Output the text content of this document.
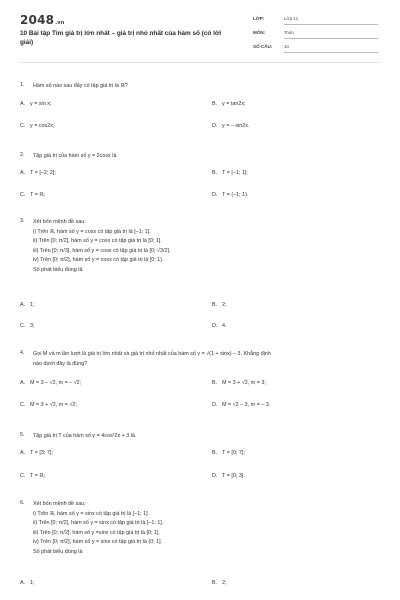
2048.vn
10 Bài tập Tìm giá trị lớn nhất – giá trị nhỏ nhất của hàm số (có lời giải)
LỚP:	Lớp 11
MÔN:	Toán
SỐ CÂU:	10
1.	Hàm số nào sau đây có tập giá trị là ℝ?
A. y = sin x;	B. y = tan2x;
C. y = cos2x;	D. y = – sin2x.
2.	Tập giá trị của hàm số y = 2cosx là
A. T = [–2; 2];	B. T = [–1; 1];
C. T = ℝ;	D. T = (–1; 1).
3.	Xét bốn mệnh đề sau:
i) Trên ℝ, hàm số y = cosx có tập giá trị là [–1; 1].
ii) Trên [0; π/2], hàm số y = cosx có tập giá trị là [0; 1].
iii) Trên [0; π/3], hàm số y = cosx có tập giá trị là [0; √3/2].
iv) Trên [0; π/2], hàm số y = cosx có tập giá trị là [0; 1).
Số phát biểu đúng là
A. 1;	B. 2;
C. 3;	D. 4.
4.	Gọi M và m lần lượt là giá trị lớn nhất và giá trị nhỏ nhất của hàm số y = √(1 + sinx) – 3. Khẳng định
nào dưới đây là đúng?
A. M = 3 – √2, m = – √2;	B. M = 3 + √2, m = 3;
C. M = 3 + √2, m = √2;	D. M = √2 – 3, m = – 3.
5.	Tập giá trị T của hàm số y = 4cos²2x + 3 là
A. T = [3; 7];	B. T = [0; 7];
C. T = ℝ;	D. T = [0; 3].
6.	Xét bốn mệnh đề sau:
i) Trên ℝ, hàm số y = sinx có tập giá trị là [–1; 1].
ii) Trên [0; π/2], hàm số y = sinx có tập giá trị là [–1; 1].
iii) Trên [0; π/2], hàm số y =sinx có tập giá trị là [0; 1].
iv) Trên [0; π/2], hàm số y = sinx có tập giá trị là (0; 1].
Số phát biểu đúng là
A. 1;	B. 2;
